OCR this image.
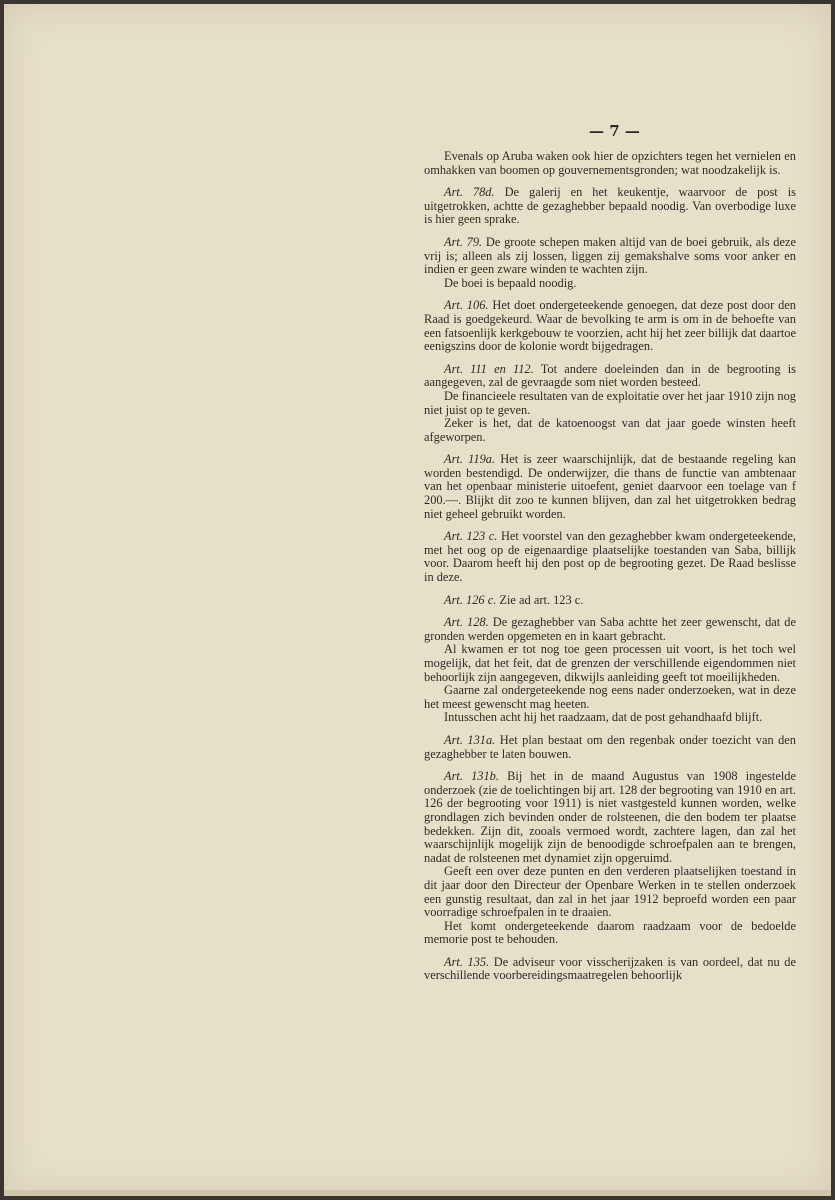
— 7 —

Evenals op Aruba waken ook hier de opzichters tegen het vernielen en omhakken van boomen op gouvernementsgronden; wat noodzakelijk is.

Art. 78d. De galerij en het keukentje, waarvoor de post is uitgetrokken, achtte de gezaghebber bepaald noodig. Van overbodige luxe is hier geen sprake.

Art. 79. De groote schepen maken altijd van de boei gebruik, als deze vrij is; alleen als zij lossen, liggen zij gemakshalve soms voor anker en indien er geen zware winden te wachten zijn.

De boei is bepaald noodig.

Art. 106. Het doet ondergeteekende genoegen, dat deze post door den Raad is goedgekeurd. Waar de bevolking te arm is om in de behoefte van een fatsoenlijk kerkgebouw te voorzien, acht hij het zeer billijk dat daartoe eenigszins door de kolonie wordt bijgedragen.

Art. 111 en 112. Tot andere doeleinden dan in de begrooting is aangegeven, zal de gevraagde som niet worden besteed.

De financieele resultaten van de exploitatie over het jaar 1910 zijn nog niet juist op te geven.

Zeker is het, dat de katoenoogst van dat jaar goede winsten heeft afgeworpen.

Art. 119a. Het is zeer waarschijnlijk, dat de bestaande regeling kan worden bestendigd. De onderwijzer, die thans de functie van ambtenaar van het openbaar ministerie uitoefent, geniet daarvoor een toelage van f 200.—. Blijkt dit zoo te kunnen blijven, dan zal het uitgetrokken bedrag niet geheel gebruikt worden.

Art. 123 c. Het voorstel van den gezaghebber kwam ondergeteekende, met het oog op de eigenaardige plaatselijke toestanden van Saba, billijk voor. Daarom heeft hij den post op de begrooting gezet. De Raad beslisse in deze.

Art. 126 c. Zie ad art. 123 c.

Art. 128. De gezaghebber van Saba achtte het zeer gewenscht, dat de gronden werden opgemeten en in kaart gebracht.

Al kwamen er tot nog toe geen processen uit voort, is het toch wel mogelijk, dat het feit, dat de grenzen der verschillende eigendommen niet behoorlijk zijn aangegeven, dikwijls aanleiding geeft tot moeilijkheden.

Gaarne zal ondergeteekende nog eens nader onderzoeken, wat in deze het meest gewenscht mag heeten.

Intusschen acht hij het raadzaam, dat de post gehandhaafd blijft.

Art. 131a. Het plan bestaat om den regenbak onder toezicht van den gezaghebber te laten bouwen.

Art. 131b. Bij het in de maand Augustus van 1908 ingestelde onderzoek (zie de toelichtingen bij art. 128 der begrooting van 1910 en art. 126 der begrooting voor 1911) is niet vastgesteld kunnen worden, welke grondlagen zich bevinden onder de rolsteenen, die den bodem ter plaatse bedekken. Zijn dit, zooals vermoed wordt, zachtere lagen, dan zal het waarschijnlijk mogelijk zijn de benoodigde schroefpalen aan te brengen, nadat de rolsteenen met dynamiet zijn opgeruimd.

Geeft een over deze punten en den verderen plaatselijken toestand in dit jaar door den Directeur der Openbare Werken in te stellen onderzoek een gunstig resultaat, dan zal in het jaar 1912 beproefd worden een paar voorradige schroefpalen in te draaien.

Het komt ondergeteekende daarom raadzaam voor de bedoelde memorie post te behouden.

Art. 135. De adviseur voor visscherijzaken is van oordeel, dat nu de verschillende voorbereidingsmaatregelen behoorlijk
